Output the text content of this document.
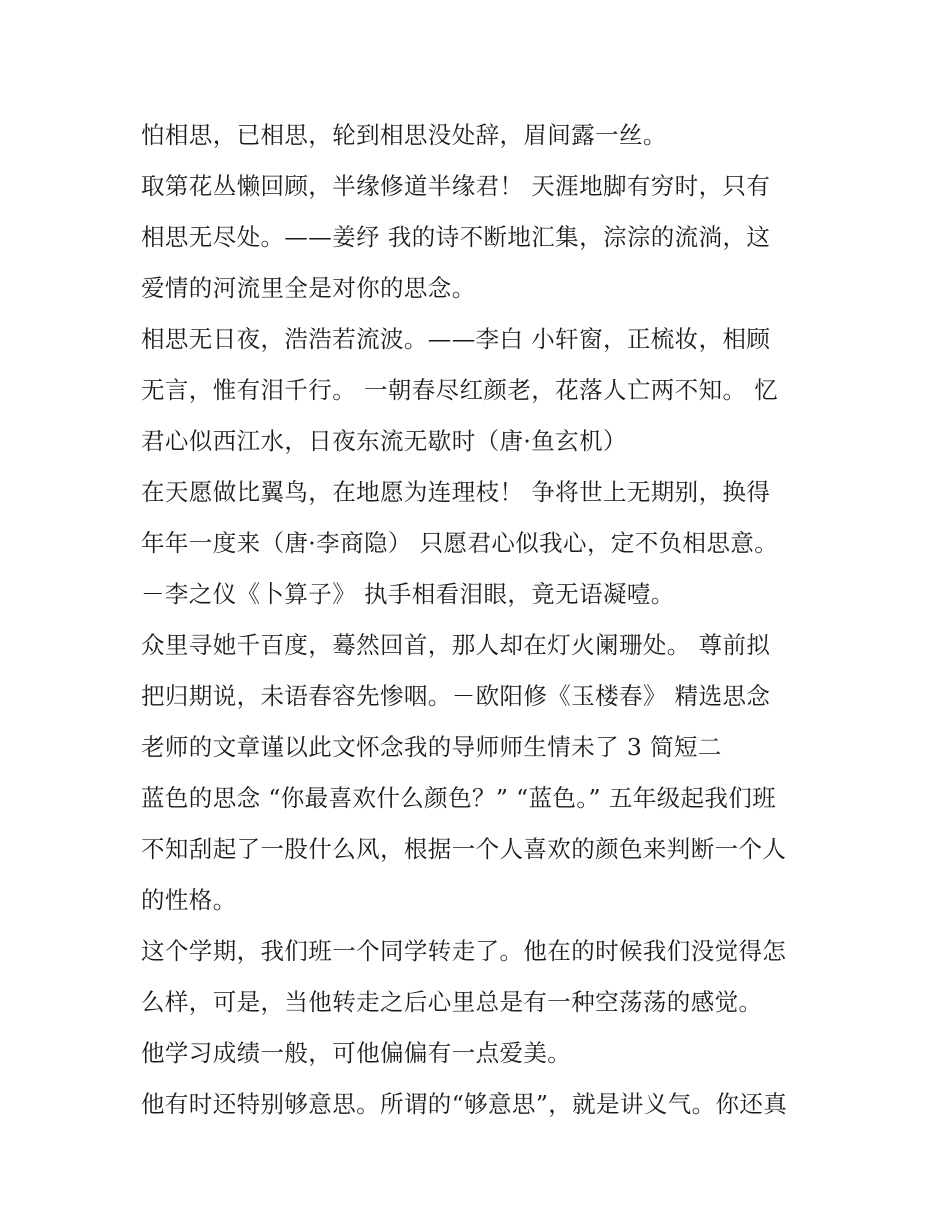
怕相思，已相思，轮到相思没处辞，眉间露一丝。
取第花丛懒回顾，半缘修道半缘君！ 天涯地脚有穷时，只有
相思无尽处。——姜纾 我的诗不断地汇集，淙淙的流淌，这
爱情的河流里全是对你的思念。
相思无日夜，浩浩若流波。——李白 小轩窗，正梳妆，相顾
无言，惟有泪千行。 一朝春尽红颜老，花落人亡两不知。 忆
君心似西江水，日夜东流无歇时（唐·鱼玄机）
在天愿做比翼鸟，在地愿为连理枝！ 争将世上无期别，换得
年年一度来（唐·李商隐） 只愿君心似我心，定不负相思意。
－李之仪《卜算子》 执手相看泪眼，竟无语凝噎。
众里寻她千百度，蓦然回首，那人却在灯火阑珊处。 尊前拟
把归期说，未语春容先惨咽。－欧阳修《玉楼春》 精选思念
老师的文章谨以此文怀念我的导师师生情未了 3 简短二
蓝色的思念 “你最喜欢什么颜色？” “蓝色。” 五年级起我们班
不知刮起了一股什么风，根据一个人喜欢的颜色来判断一个人
的性格。
这个学期，我们班一个同学转走了。他在的时候我们没觉得怎
么样，可是，当他转走之后心里总是有一种空荡荡的感觉。
他学习成绩一般，可他偏偏有一点爱美。
他有时还特别够意思。所谓的“够意思”，就是讲义气。你还真
